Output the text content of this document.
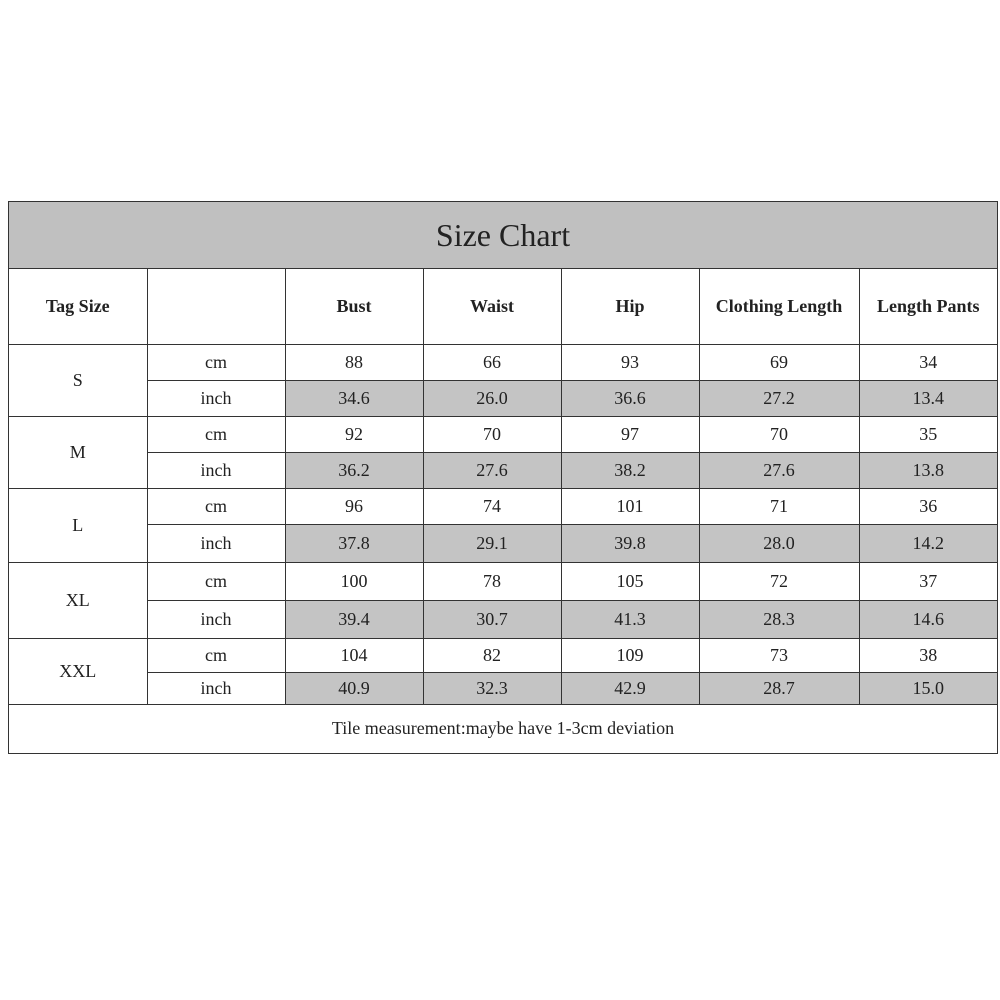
Size Chart
Tag Size		Bust	Waist	Hip	Clothing Length	Length Pants
S	cm	88	66	93	69	34
	inch	34.6	26.0	36.6	27.2	13.4
M	cm	92	70	97	70	35
	inch	36.2	27.6	38.2	27.6	13.8
L	cm	96	74	101	71	36
	inch	37.8	29.1	39.8	28.0	14.2
XL	cm	100	78	105	72	37
	inch	39.4	30.7	41.3	28.3	14.6
XXL	cm	104	82	109	73	38
	inch	40.9	32.3	42.9	28.7	15.0
Tile measurement:maybe have 1-3cm deviation
